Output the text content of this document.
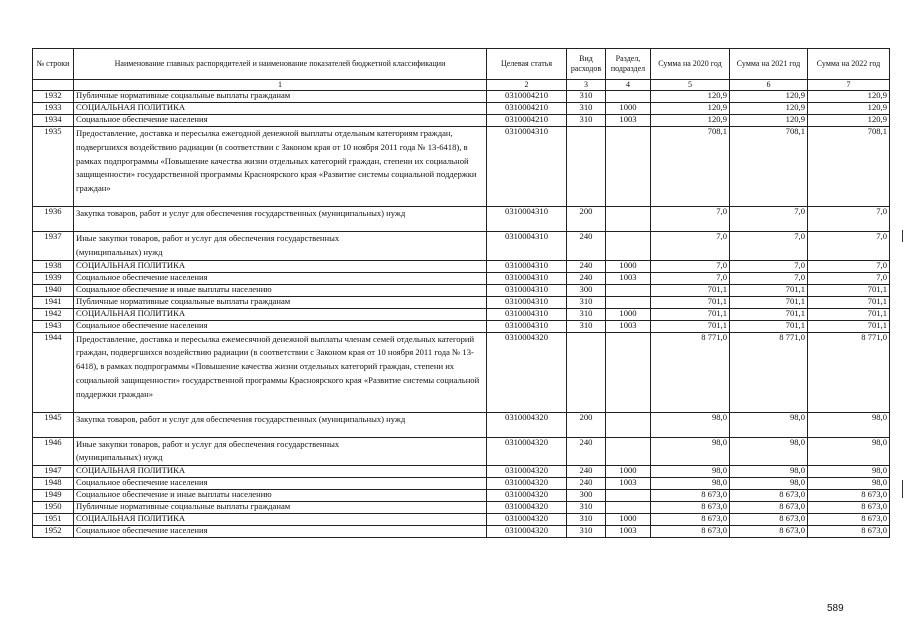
№ строки	Наименование главных распорядителей и наименование показателей бюджетной классификации	Целевая статья	Вид расходов	Раздел, подраздел	Сумма на 2020 год	Сумма на 2021 год	Сумма на 2022 год
	1	2	3	4	5	6	7
1932	Публичные нормативные социальные выплаты гражданам	0310004210	310		120,9	120,9	120,9
1933	СОЦИАЛЬНАЯ ПОЛИТИКА	0310004210	310	1000	120,9	120,9	120,9
1934	Социальное обеспечение населения	0310004210	310	1003	120,9	120,9	120,9
1935	Предоставление, доставка и пересылка ежегодной денежной выплаты отдельным категориям граждан, подвергшихся воздействию радиации (в соответствии с Законом края от 10 ноября 2011 года № 13-6418), в рамках подпрограммы «Повышение качества жизни отдельных категорий граждан, степени их социальной защищенности» государственной программы Красноярского края «Развитие системы социальной поддержки граждан»	0310004310			708,1	708,1	708,1
1936	Закупка товаров, работ и услуг для обеспечения государственных (муниципальных) нужд	0310004310	200		7,0	7,0	7,0
1937	Иные закупки товаров, работ и услуг для обеспечения государственных (муниципальных) нужд	0310004310	240		7,0	7,0	7,0
1938	СОЦИАЛЬНАЯ ПОЛИТИКА	0310004310	240	1000	7,0	7,0	7,0
1939	Социальное обеспечение населения	0310004310	240	1003	7,0	7,0	7,0
1940	Социальное обеспечение и иные выплаты населению	0310004310	300		701,1	701,1	701,1
1941	Публичные нормативные социальные выплаты гражданам	0310004310	310		701,1	701,1	701,1
1942	СОЦИАЛЬНАЯ ПОЛИТИКА	0310004310	310	1000	701,1	701,1	701,1
1943	Социальное обеспечение населения	0310004310	310	1003	701,1	701,1	701,1
1944	Предоставление, доставка и пересылка ежемесячной денежной выплаты членам семей отдельных категорий граждан, подвергшихся воздействию радиации (в соответствии с Законом края от 10 ноября 2011 года № 13-6418), в рамках подпрограммы «Повышение качества жизни отдельных категорий граждан, степени их социальной защищенности» государственной программы Красноярского края «Развитие системы социальной поддержки граждан»	0310004320			8 771,0	8 771,0	8 771,0
1945	Закупка товаров, работ и услуг для обеспечения государственных (муниципальных) нужд	0310004320	200		98,0	98,0	98,0
1946	Иные закупки товаров, работ и услуг для обеспечения государственных (муниципальных) нужд	0310004320	240		98,0	98,0	98,0
1947	СОЦИАЛЬНАЯ ПОЛИТИКА	0310004320	240	1000	98,0	98,0	98,0
1948	Социальное обеспечение населения	0310004320	240	1003	98,0	98,0	98,0
1949	Социальное обеспечение и иные выплаты населению	0310004320	300		8 673,0	8 673,0	8 673,0
1950	Публичные нормативные социальные выплаты гражданам	0310004320	310		8 673,0	8 673,0	8 673,0
1951	СОЦИАЛЬНАЯ ПОЛИТИКА	0310004320	310	1000	8 673,0	8 673,0	8 673,0
1952	Социальное обеспечение населения	0310004320	310	1003	8 673,0	8 673,0	8 673,0
589
